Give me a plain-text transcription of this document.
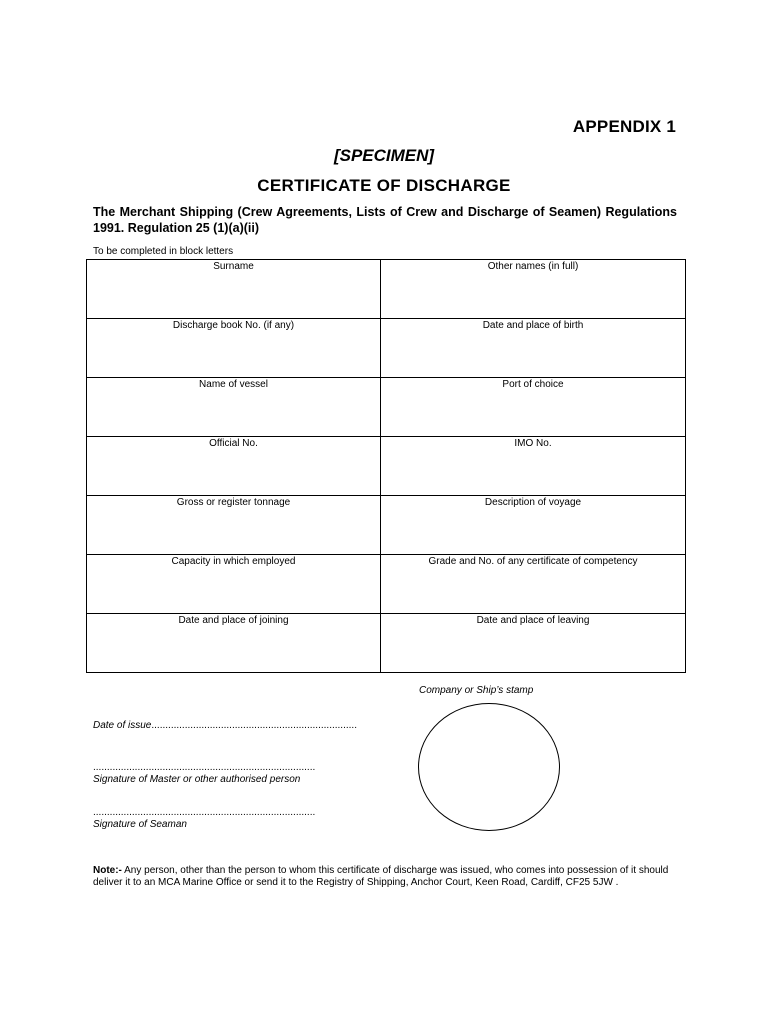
APPENDIX 1
[SPECIMEN]
CERTIFICATE OF DISCHARGE
The Merchant Shipping (Crew Agreements, Lists of Crew and Discharge of Seamen) Regulations 1991. Regulation 25 (1)(a)(ii)
To be completed in block letters
Surname	Other names (in full)
Discharge book No. (if any)	Date and place of birth
Name of vessel	Port of choice
Official No.	IMO No.
Gross or register tonnage	Description of voyage
Capacity in which employed	Grade and No. of any certificate of competency
Date and place of joining	Date and place of leaving
Company or Ship’s stamp
Date of issue..........................................................................
................................................................................
Signature of Master or other authorised person
................................................................................
Signature of Seaman
Note:- Any person, other than the person to whom this certificate of discharge was issued, who comes into possession of it should deliver it to an MCA Marine Office or send it to the Registry of Shipping, Anchor Court, Keen Road, Cardiff, CF25 5JW .
